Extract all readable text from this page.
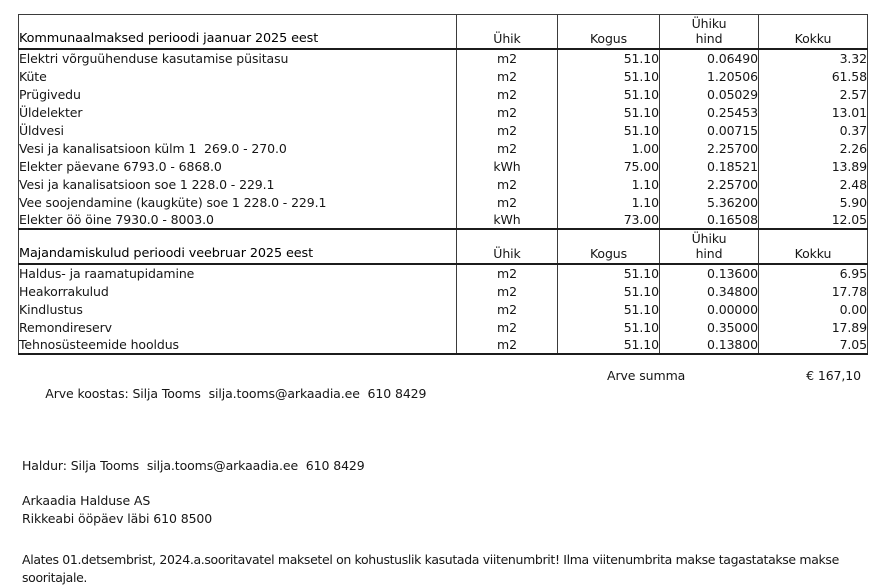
Kommunaalmaksed perioodi jaanuar 2025 eest	Ühik	Kogus	Ühiku hind	Kokku
Elektri võrguühenduse kasutamise püsitasu	m2	51.10	0.06490	3.32
Küte	m2	51.10	1.20506	61.58
Prügivedu	m2	51.10	0.05029	2.57
Üldelekter	m2	51.10	0.25453	13.01
Üldvesi	m2	51.10	0.00715	0.37
Vesi ja kanalisatsioon külm 1  269.0 - 270.0	m2	1.00	2.25700	2.26
Elekter päevane 6793.0 - 6868.0	kWh	75.00	0.18521	13.89
Vesi ja kanalisatsioon soe 1 228.0 - 229.1	m2	1.10	2.25700	2.48
Vee soojendamine (kaugküte) soe 1 228.0 - 229.1	m2	1.10	5.36200	5.90
Elekter öö öine 7930.0 - 8003.0	kWh	73.00	0.16508	12.05
Majandamiskulud perioodi veebruar 2025 eest	Ühik	Kogus	Ühiku hind	Kokku
Haldus- ja raamatupidamine	m2	51.10	0.13600	6.95
Heakorrakulud	m2	51.10	0.34800	17.78
Kindlustus	m2	51.10	0.00000	0.00
Remondireserv	m2	51.10	0.35000	17.89
Tehnosüsteemide hooldus	m2	51.10	0.13800	7.05

Arve koostas: Silja Tooms  silja.tooms@arkaadia.ee  610 8429

Arve summa

	€ 167,10

Haldur: Silja Tooms  silja.tooms@arkaadia.ee  610 8429
Arkaadia Halduse AS
Rikkeabi ööpäev läbi 610 8500
Alates 01.detsembrist, 2024.a.sooritavatel maksetel on kohustuslik kasutada viitenumbrit! Ilma viitenumbrita makse tagastatakse makse sooritajale.
